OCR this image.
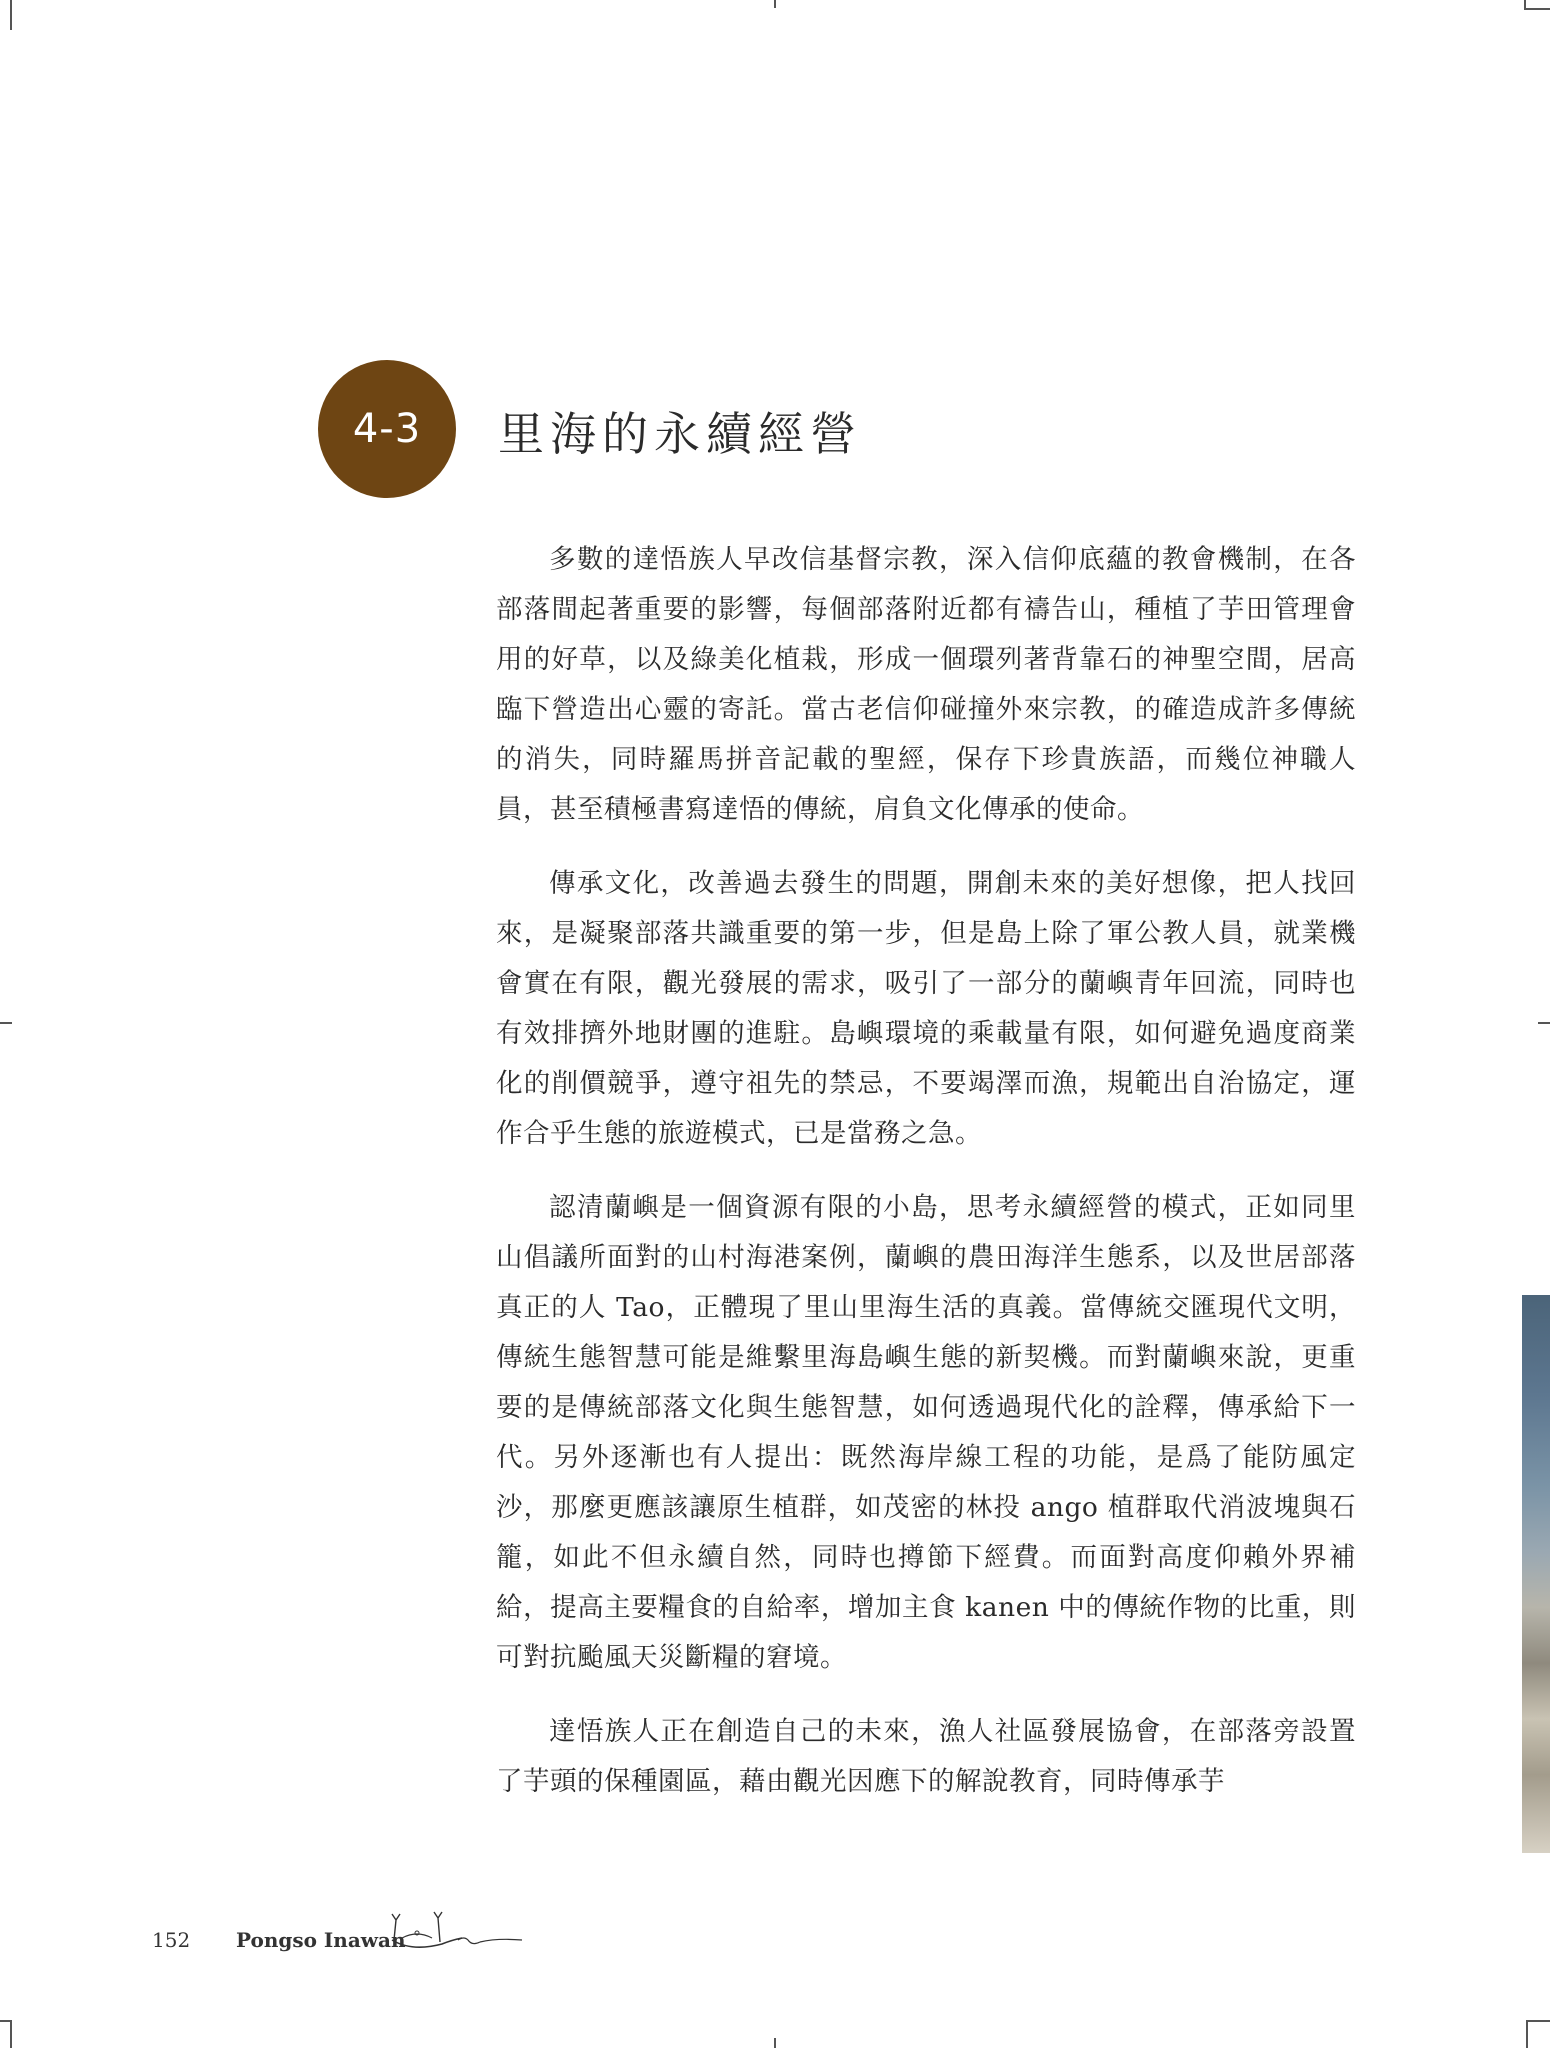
4-3 里海的永續經營

多數的達悟族人早改信基督宗教，深入信仰底蘊的教會機制，在各部落間起著重要的影響，每個部落附近都有禱告山，種植了芋田管理會用的好草，以及綠美化植栽，形成一個環列著背靠石的神聖空間，居高臨下營造出心靈的寄託。當古老信仰碰撞外來宗教，的確造成許多傳統的消失，同時羅馬拼音記載的聖經，保存下珍貴族語，而幾位神職人員，甚至積極書寫達悟的傳統，肩負文化傳承的使命。

傳承文化，改善過去發生的問題，開創未來的美好想像，把人找回來，是凝聚部落共識重要的第一步，但是島上除了軍公教人員，就業機會實在有限，觀光發展的需求，吸引了一部分的蘭嶼青年回流，同時也有效排擠外地財團的進駐。島嶼環境的乘載量有限，如何避免過度商業化的削價競爭，遵守祖先的禁忌，不要竭澤而漁，規範出自治協定，運作合乎生態的旅遊模式，已是當務之急。

認清蘭嶼是一個資源有限的小島，思考永續經營的模式，正如同里山倡議所面對的山村海港案例，蘭嶼的農田海洋生態系，以及世居部落真正的人 Tao，正體現了里山里海生活的真義。當傳統交匯現代文明，傳統生態智慧可能是維繫里海島嶼生態的新契機。而對蘭嶼來說，更重要的是傳統部落文化與生態智慧，如何透過現代化的詮釋，傳承給下一代。另外逐漸也有人提出：既然海岸線工程的功能，是爲了能防風定沙，那麼更應該讓原生植群，如茂密的林投 ango 植群取代消波塊與石籠，如此不但永續自然，同時也撙節下經費。而面對高度仰賴外界補給，提高主要糧食的自給率，增加主食 kanen 中的傳統作物的比重，則可對抗颱風天災斷糧的窘境。

達悟族人正在創造自己的未來，漁人社區發展協會，在部落旁設置了芋頭的保種園區，藉由觀光因應下的解說教育，同時傳承芋

152 Pongso Inawan
